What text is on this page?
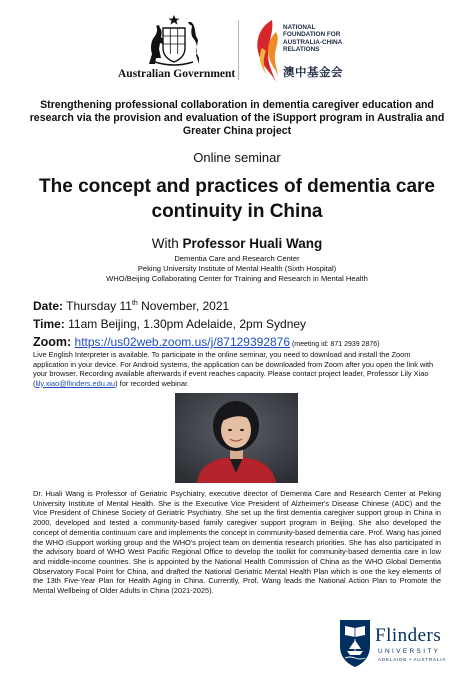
Australian Government
NATIONAL
FOUNDATION FOR
AUSTRALIA-CHINA
RELATIONS
澳中基金会
Strengthening professional collaboration in dementia caregiver education and research via the provision and evaluation of the iSupport program in Australia and Greater China project
Online seminar
The concept and practices of dementia care continuity in China
With Professor Huali Wang
Dementia Care and Research Center
Peking University Institute of Mental Health (Sixth Hospital)
WHO/Beijing Collaborating Center for Training and Research in Mental Health
Date: Thursday 11th November, 2021
Time: 11am Beijing, 1.30pm Adelaide, 2pm Sydney
Zoom: https://us02web.zoom.us/j/87129392876 (meeting id: 871 2939 2876)
Live English Interpreter is available. To participate in the online seminar, you need to download and install the Zoom application in your device. For Android systems, the application can be downloaded from Zoom after you open the link with your browser. Recording available afterwards if event reaches capacity. Please contact project leader, Professor Lily Xiao (lily.xiao@flinders.edu.au) for recorded webinar.
Dr. Huali Wang is Professor of Geriatric Psychiatry, executive director of Dementia Care and Research Center at Peking University Institute of Mental Health. She is the Executive Vice President of Alzheimer's Disease Chinese (ADC) and the Vice President of Chinese Society of Geriatric Psychiatry. She set up the first dementia caregiver support group in China in 2000, developed and tested a community-based family caregiver support program in Beijing. She also developed the concept of dementia continuum care and implements the concept in community-based dementia care. Prof. Wang has joined the WHO iSupport working group and the WHO's project team on dementia research priorities. She has also participated in the advisory board of WHO West Pacific Regional Office to develop the toolkit for community-based dementia care in low and middle-income countries. She is appointed by the National Health Commission of China as the WHO Global Dementia Observatory Focal Point for China, and drafted the National Geriatric Mental Health Plan which is one the key elements of the 13th Five-Year Plan for Health Aging in China. Currently, Prof. Wang leads the National Action Plan to Promote the Mental Wellbeing of Older Adults in China (2021-2025).
Flinders
UNIVERSITY
ADELAIDE • AUSTRALIA
